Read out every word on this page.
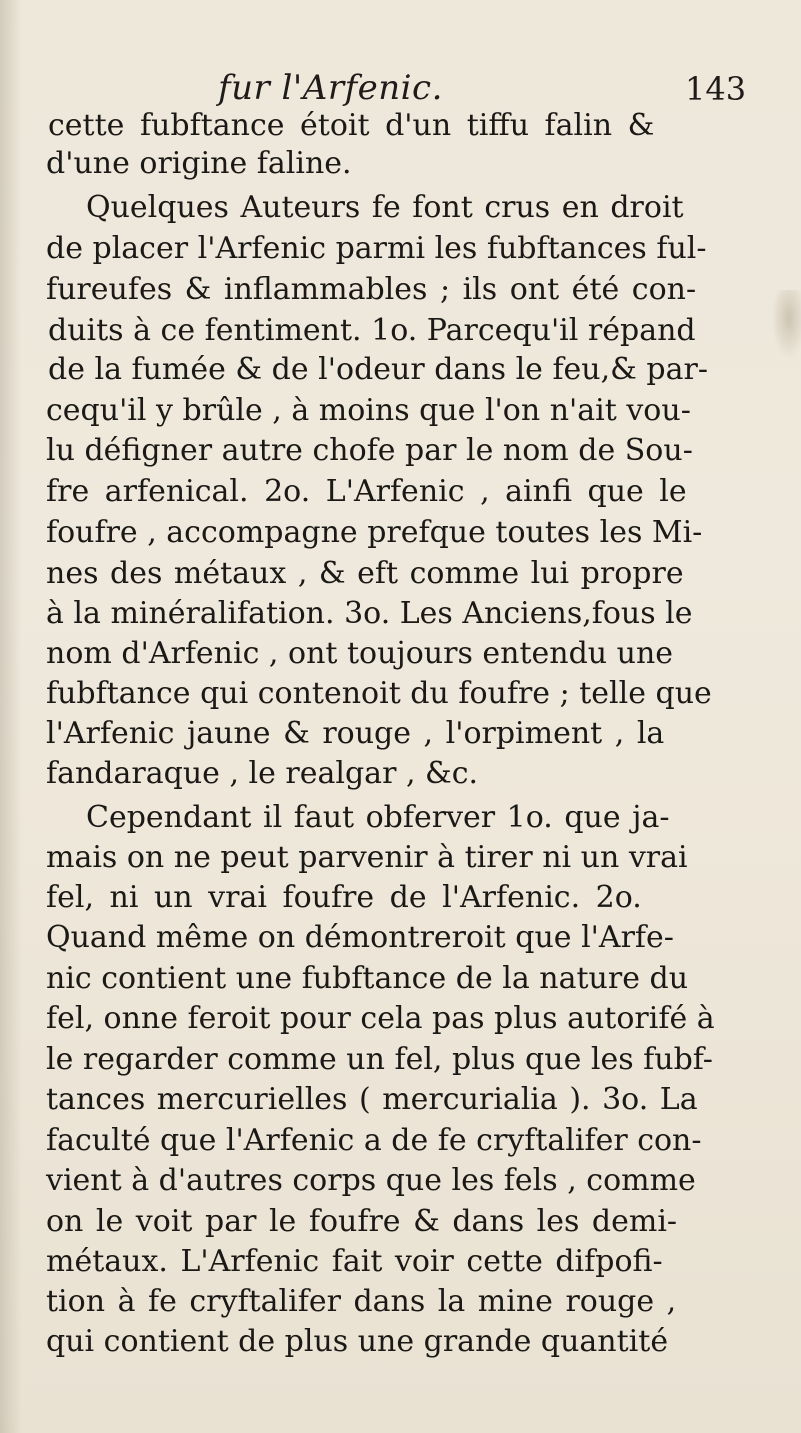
fur l'Arfenic.	143
cette fubftance étoit d'un tiffu falin &
d'une origine faline.
Quelques Auteurs fe font crus en droit
de placer l'Arfenic parmi les fubftances ful-
fureufes & inflammables ; ils ont été con-
duits à ce fentiment. 1o. Parcequ'il répand
de la fumée & de l'odeur dans le feu,& par-
cequ'il y brûle , à moins que l'on n'ait vou-
lu défigner autre chofe par le nom de Sou-
fre arfenical. 2o. L'Arfenic , ainfi que le
foufre , accompagne prefque toutes les Mi-
nes des métaux , & eft comme lui propre
à la minéralifation. 3o. Les Anciens,fous le
nom d'Arfenic , ont toujours entendu une
fubftance qui contenoit du foufre ; telle que
l'Arfenic jaune & rouge , l'orpiment , la
fandaraque , le realgar , &c.
Cependant il faut obferver 1o. que ja-
mais on ne peut parvenir à tirer ni un vrai
fel, ni un vrai foufre de l'Arfenic. 2o.
Quand même on démontreroit que l'Arfe-
nic contient une fubftance de la nature du
fel, onne feroit pour cela pas plus autorifé à
le regarder comme un fel, plus que les fubf-
tances mercurielles ( mercurialia ). 3o. La
faculté que l'Arfenic a de fe cryftalifer con-
vient à d'autres corps que les fels , comme
on le voit par le foufre & dans les demi-
métaux. L'Arfenic fait voir cette difpofi-
tion à fe cryftalifer dans la mine rouge ,
qui contient de plus une grande quantité
